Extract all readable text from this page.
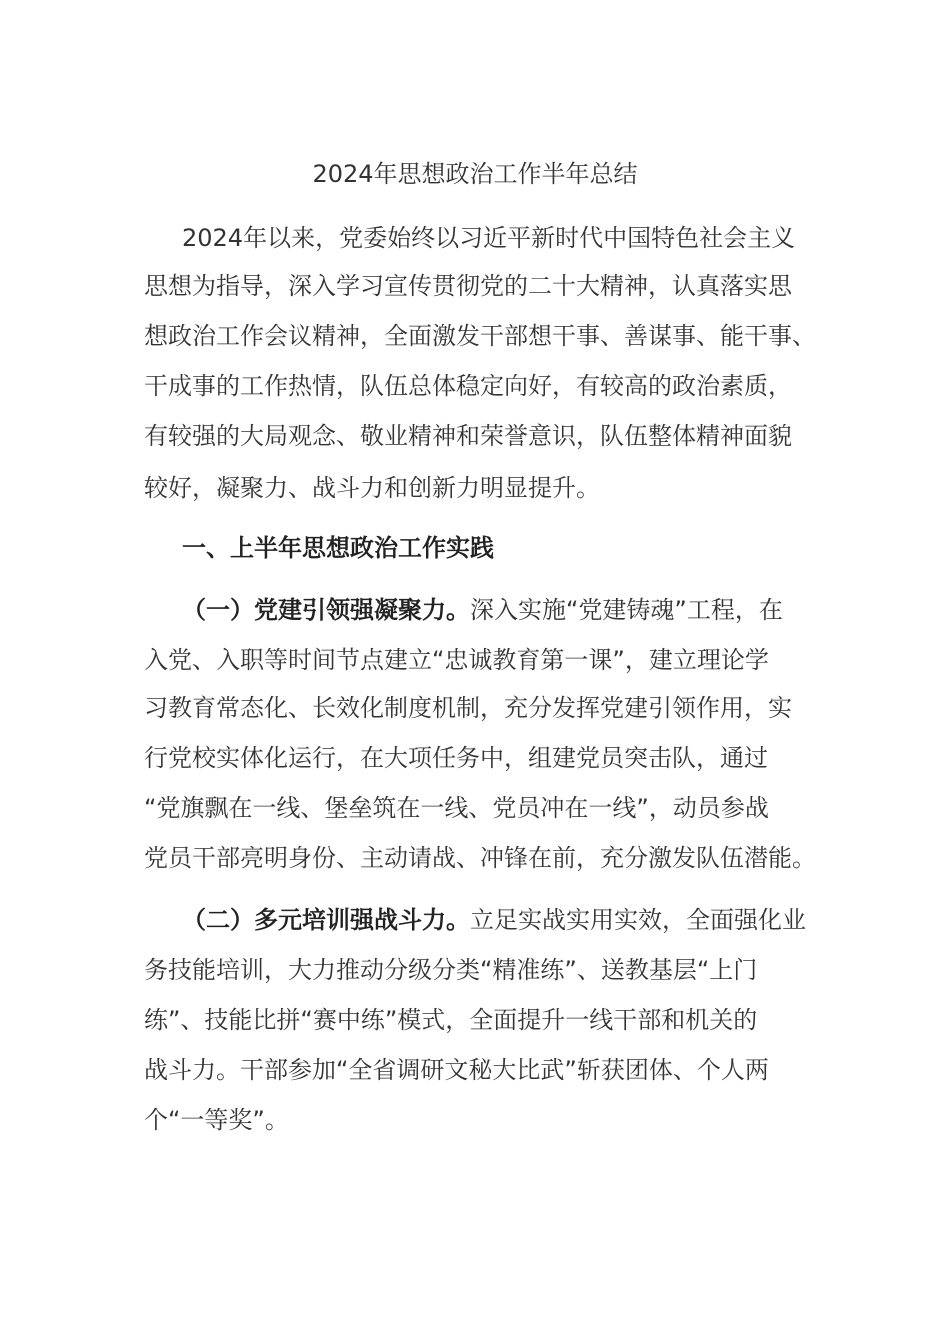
2024年思想政治工作半年总结
2024年以来，党委始终以习近平新时代中国特色社会主义
思想为指导，深入学习宣传贯彻党的二十大精神，认真落实思
想政治工作会议精神，全面激发干部想干事、善谋事、能干事、
干成事的工作热情，队伍总体稳定向好，有较高的政治素质，
有较强的大局观念、敬业精神和荣誉意识，队伍整体精神面貌
较好，凝聚力、战斗力和创新力明显提升。
一、上半年思想政治工作实践
（一）党建引领强凝聚力。深入实施“党建铸魂”工程，在
入党、入职等时间节点建立“忠诚教育第一课”，建立理论学
习教育常态化、长效化制度机制，充分发挥党建引领作用，实
行党校实体化运行，在大项任务中，组建党员突击队，通过
“党旗飘在一线、堡垒筑在一线、党员冲在一线”，动员参战
党员干部亮明身份、主动请战、冲锋在前，充分激发队伍潜能。
（二）多元培训强战斗力。立足实战实用实效，全面强化业
务技能培训，大力推动分级分类“精准练”、送教基层“上门
练”、技能比拼“赛中练”模式，全面提升一线干部和机关的
战斗力。干部参加“全省调研文秘大比武”斩获团体、个人两
个“一等奖”。
